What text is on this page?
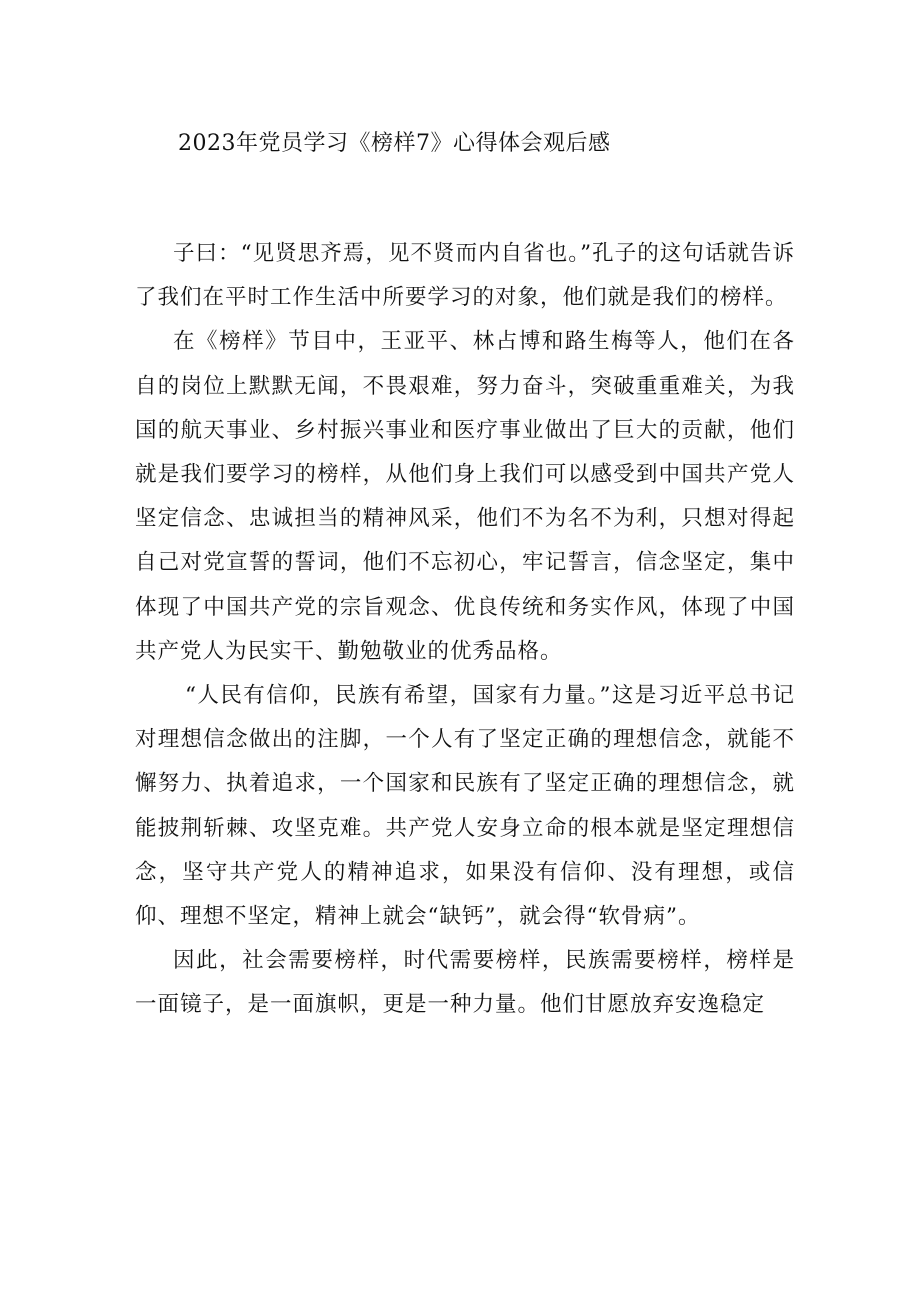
2023年党员学习《榜样7》心得体会观后感

子曰：“见贤思齐焉，见不贤而内自省也。”孔子的这句话就告诉了我们在平时工作生活中所要学习的对象，他们就是我们的榜样。

在《榜样》节目中，王亚平、林占博和路生梅等人，他们在各自的岗位上默默无闻，不畏艰难，努力奋斗，突破重重难关，为我国的航天事业、乡村振兴事业和医疗事业做出了巨大的贡献，他们就是我们要学习的榜样，从他们身上我们可以感受到中国共产党人坚定信念、忠诚担当的精神风采，他们不为名不为利，只想对得起自己对党宣誓的誓词，他们不忘初心，牢记誓言，信念坚定，集中体现了中国共产党的宗旨观念、优良传统和务实作风，体现了中国共产党人为民实干、勤勉敬业的优秀品格。

“人民有信仰，民族有希望，国家有力量。”这是习近平总书记对理想信念做出的注脚，一个人有了坚定正确的理想信念，就能不懈努力、执着追求，一个国家和民族有了坚定正确的理想信念，就能披荆斩棘、攻坚克难。共产党人安身立命的根本就是坚定理想信念，坚守共产党人的精神追求，如果没有信仰、没有理想，或信仰、理想不坚定，精神上就会“缺钙”，就会得“软骨病”。

因此，社会需要榜样，时代需要榜样，民族需要榜样，榜样是一面镜子，是一面旗帜，更是一种力量。他们甘愿放弃安逸稳定
